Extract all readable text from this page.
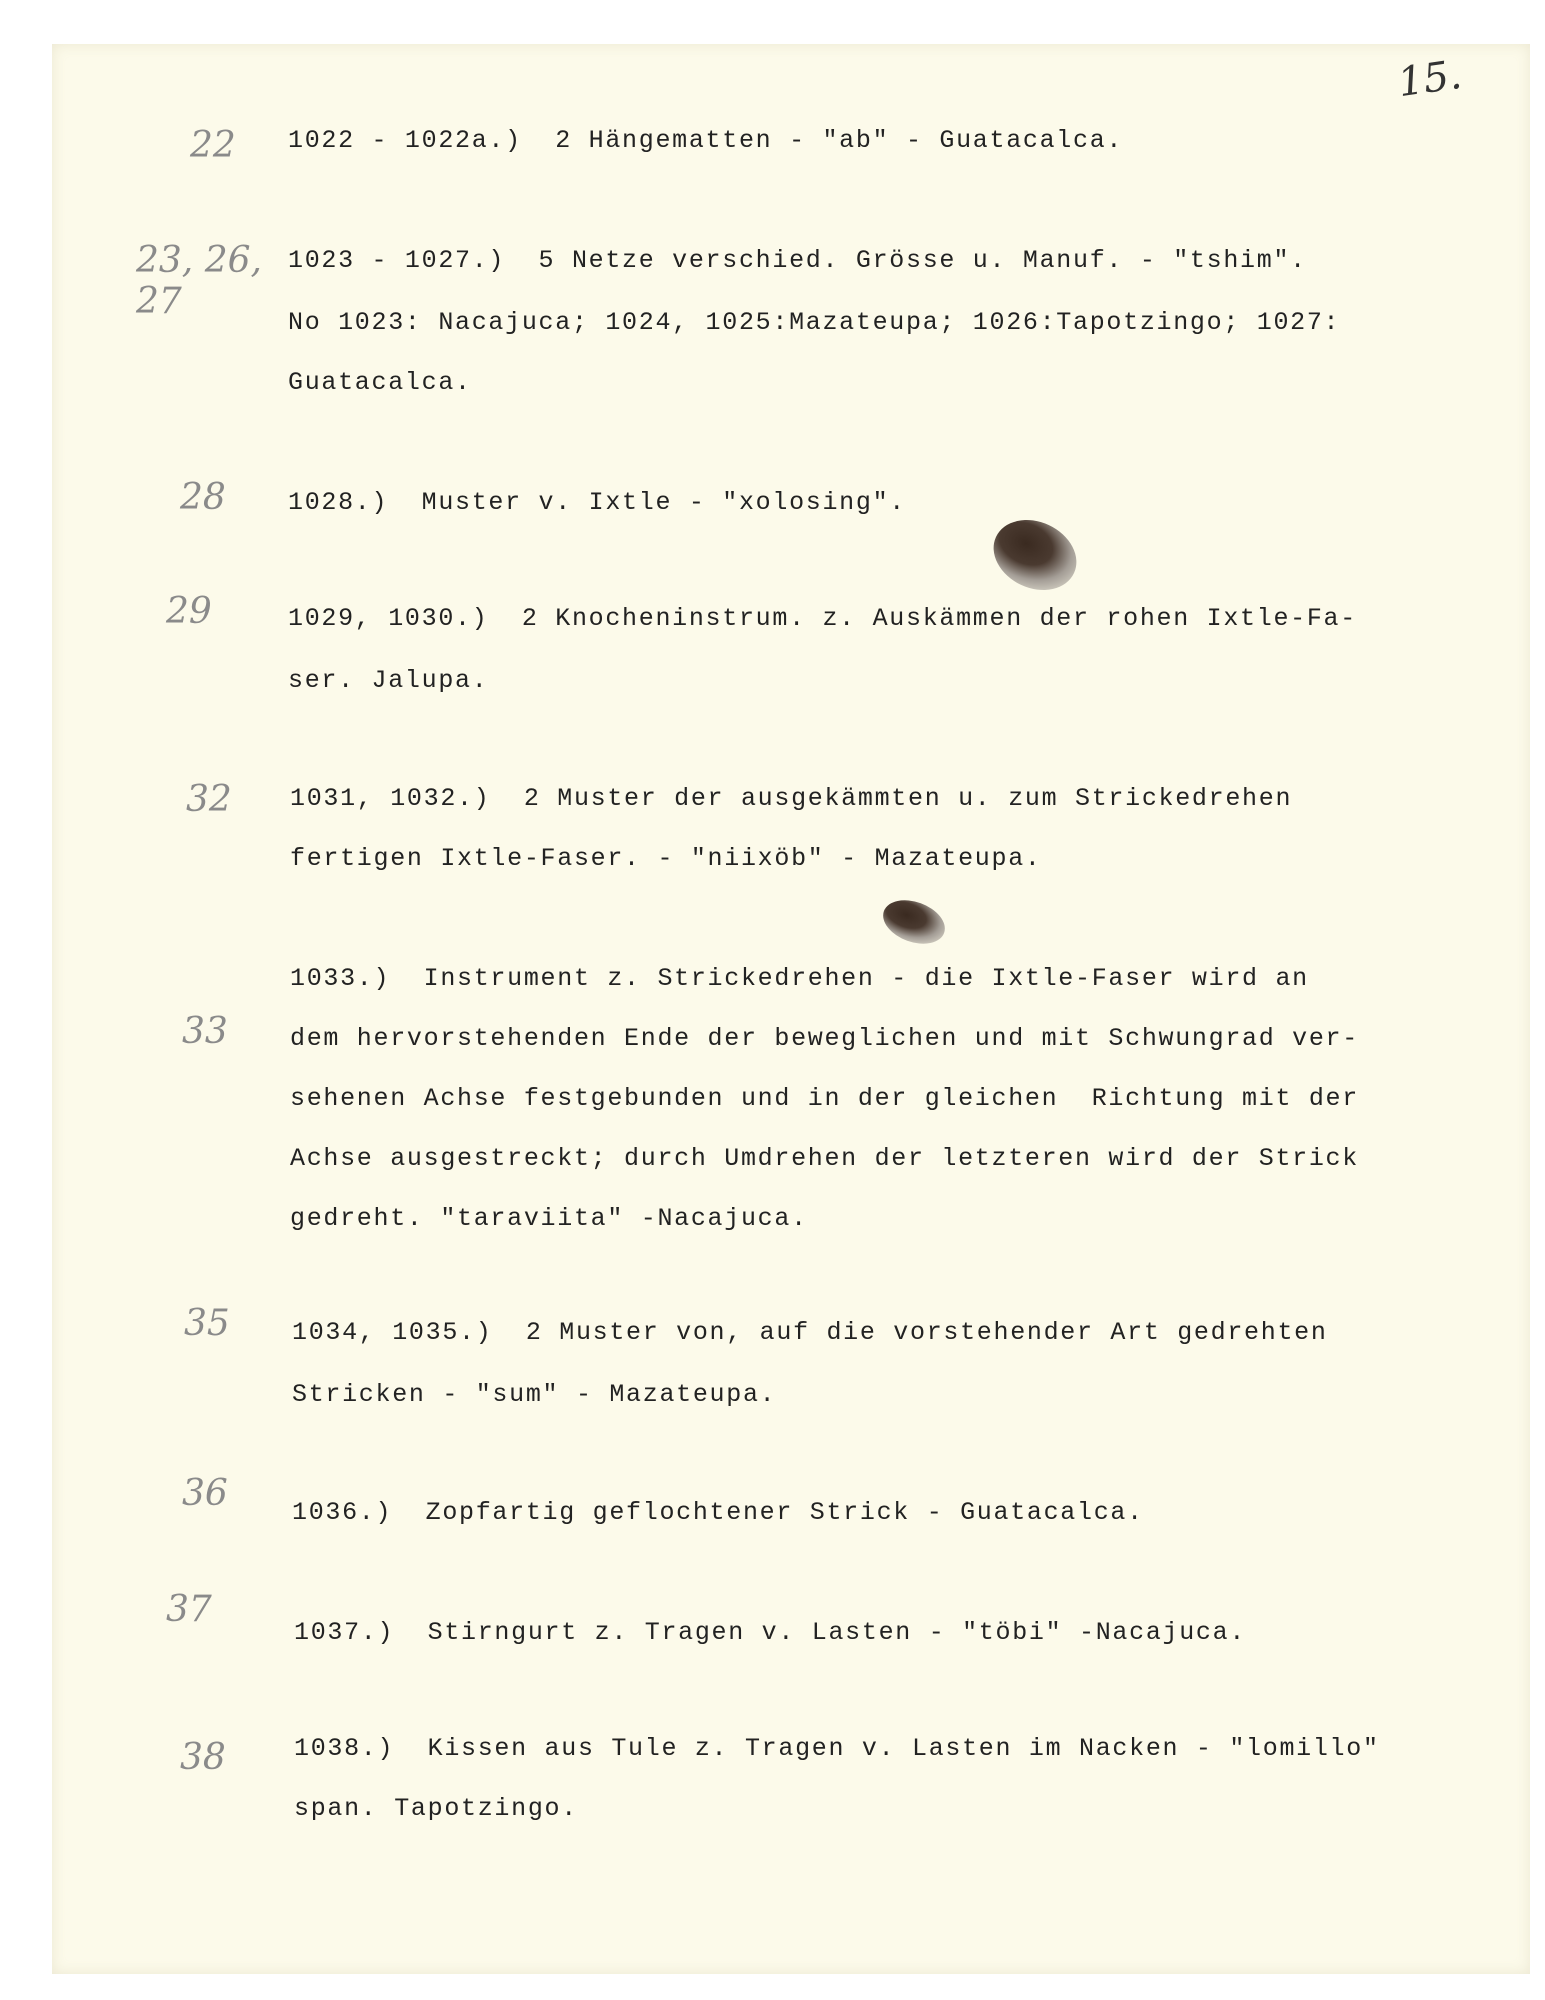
15.
22
23, 26,
27
28
29
32
33
35
36
37
38
1022 - 1022a.)  2 Hängematten - "ab" - Guatacalca.
1023 - 1027.)  5 Netze verschied. Grösse u. Manuf. - "tshim".
No 1023: Nacajuca; 1024, 1025:Mazateupa; 1026:Tapotzingo; 1027:
Guatacalca.
1028.)  Muster v. Ixtle - "xolosing".
1029, 1030.)  2 Knocheninstrum. z. Auskämmen der rohen Ixtle-Fa-
ser. Jalupa.
1031, 1032.)  2 Muster der ausgekämmten u. zum Strickedrehen
fertigen Ixtle-Faser. - "niixöb" - Mazateupa.
1033.)  Instrument z. Strickedrehen - die Ixtle-Faser wird an
dem hervorstehenden Ende der beweglichen und mit Schwungrad ver-
sehenen Achse festgebunden und in der gleichen  Richtung mit der
Achse ausgestreckt; durch Umdrehen der letzteren wird der Strick
gedreht. "taraviita" -Nacajuca.
1034, 1035.)  2 Muster von, auf die vorstehender Art gedrehten
Stricken - "sum" - Mazateupa.
1036.)  Zopfartig geflochtener Strick - Guatacalca.
1037.)  Stirngurt z. Tragen v. Lasten - "töbi" -Nacajuca.
1038.)  Kissen aus Tule z. Tragen v. Lasten im Nacken - "lomillo"
span. Tapotzingo.
